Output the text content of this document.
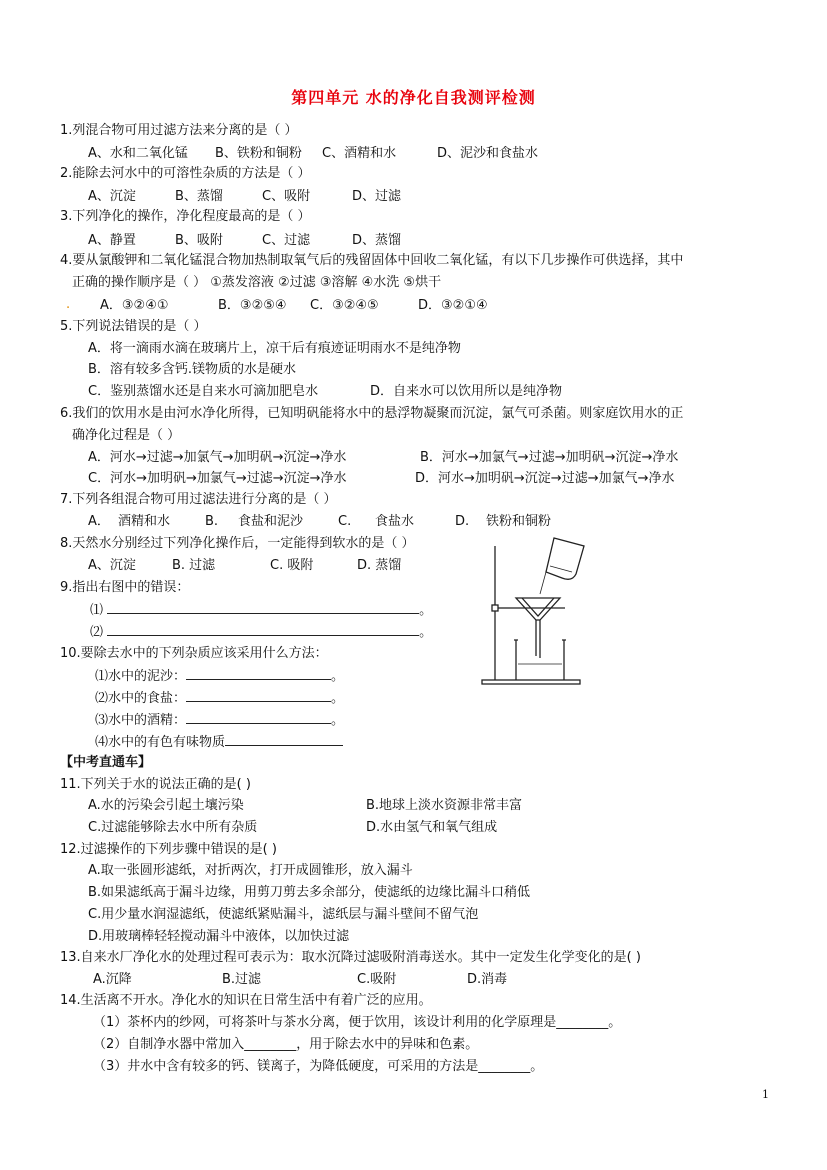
第四单元 水的净化自我测评检测
1.列混合物可用过滤方法来分离的是（ ）
A、水和二氧化锰 B、铁粉和铜粉 C、酒精和水	D、泥沙和食盐水
2.能除去河水中的可溶性杂质的方法是（ ）
A、沉淀	B、蒸馏	C、吸附	D、过滤
3.下列净化的操作，净化程度最高的是（ ）
A、静置	B、吸附	C、过滤	D、蒸馏
4.要从氯酸钾和二氧化锰混合物加热制取氧气后的残留固体中回收二氧化锰，有以下几步操作可供选择，其中
正确的操作顺序是（ ） ①蒸发溶液 ②过滤 ③溶解 ④水洗 ⑤烘干
. A．③②④①	B．③②⑤④ C．③②④⑤	D．③②①④
5.下列说法错误的是（ ）
A．将一滴雨水滴在玻璃片上，凉干后有痕迹证明雨水不是纯净物
B．溶有较多含钙.镁物质的水是硬水
C．鉴别蒸馏水还是自来水可滴加肥皂水	D．自来水可以饮用所以是纯净物
6.我们的饮用水是由河水净化所得，已知明矾能将水中的悬浮物凝聚而沉淀，氯气可杀菌。则家庭饮用水的正
确净化过程是（ ）
A．河水→过滤→加氯气→加明矾→沉淀→净水	B．河水→加氯气→过滤→加明矾→沉淀→净水
C．河水→加明矾→加氯气→过滤→沉淀→净水	D．河水→加明矾→沉淀→过滤→加氯气→净水
7.下列各组混合物可用过滤法进行分离的是（ ）
A． 酒精和水	B. 食盐和泥沙	C. 食盐水	D. 铁粉和铜粉
8.天然水分别经过下列净化操作后，一定能得到软水的是（ ）
A、沉淀	B. 过滤	C. 吸附	D. 蒸馏
9.指出右图中的错误：
⑴	。
⑵	。
10.要除去水中的下列杂质应该采用什么方法：
⑴水中的泥沙：	。
⑵水中的食盐：	。
⑶水中的酒精：	。
⑷水中的有色有味物质
【中考直通车】
11.下列关于水的说法正确的是( )
A.水的污染会引起土壤污染	B.地球上淡水资源非常丰富
C.过滤能够除去水中所有杂质	D.水由氢气和氧气组成
12.过滤操作的下列步骤中错误的是( )
A.取一张圆形滤纸，对折两次，打开成圆锥形，放入漏斗
B.如果滤纸高于漏斗边缘，用剪刀剪去多余部分，使滤纸的边缘比漏斗口稍低
C.用少量水润湿滤纸，使滤纸紧贴漏斗，滤纸层与漏斗壁间不留气泡
D.用玻璃棒轻轻搅动漏斗中液体，以加快过滤
13.自来水厂净化水的处理过程可表示为：取水沉降过滤吸附消毒送水。其中一定发生化学变化的是( )
A.沉降	B.过滤	C.吸附	D.消毒
14.生活离不开水。净化水的知识在日常生活中有着广泛的应用。
（1）茶杯内的纱网，可将茶叶与茶水分离，便于饮用，该设计利用的化学原理是________。
（2）自制净水器中常加入________，用于除去水中的异味和色素。
（3）井水中含有较多的钙、镁离子，为降低硬度，可采用的方法是________。
1
